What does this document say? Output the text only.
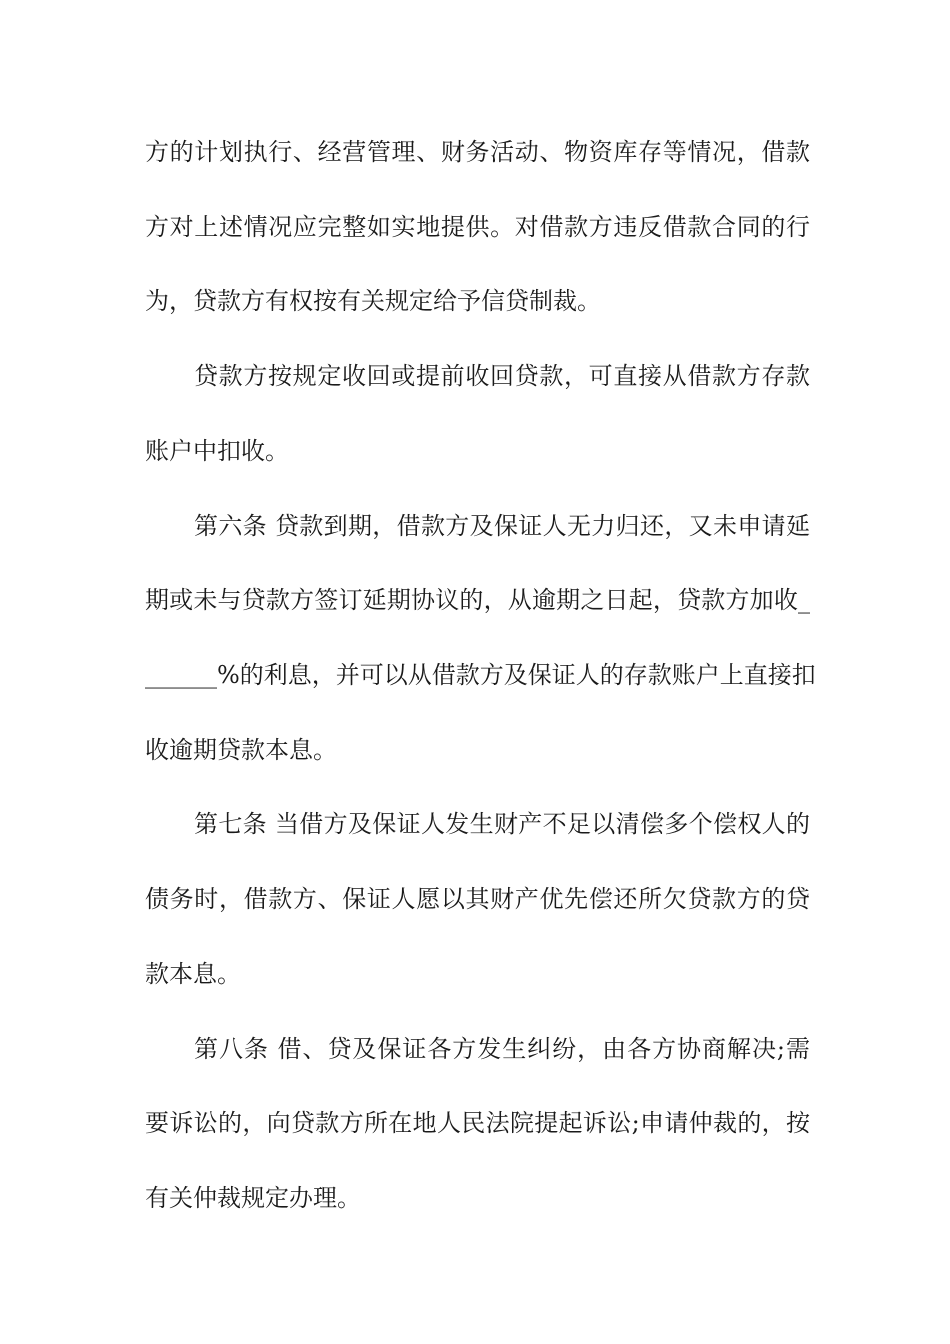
方的计划执行、经营管理、财务活动、物资库存等情况，借款
方对上述情况应完整如实地提供。对借款方违反借款合同的行
为，贷款方有权按有关规定给予信贷制裁。
贷款方按规定收回或提前收回贷款，可直接从借款方存款
账户中扣收。
第六条 贷款到期，借款方及保证人无力归还，又未申请延
期或未与贷款方签订延期协议的，从逾期之日起，贷款方加收_
______%的利息，并可以从借款方及保证人的存款账户上直接扣
收逾期贷款本息。
第七条 当借方及保证人发生财产不足以清偿多个偿权人的
债务时，借款方、保证人愿以其财产优先偿还所欠贷款方的贷
款本息。
第八条 借、贷及保证各方发生纠纷，由各方协商解决;需
要诉讼的，向贷款方所在地人民法院提起诉讼;申请仲裁的，按
有关仲裁规定办理。
